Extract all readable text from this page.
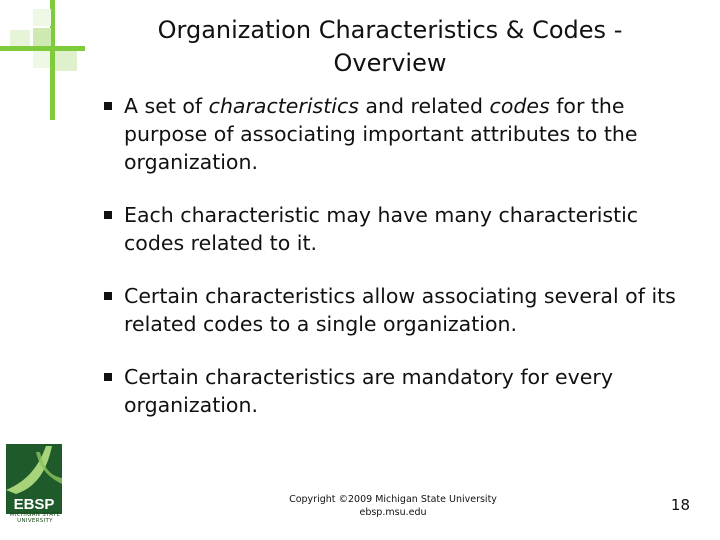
Organization Characteristics & Codes -
Overview
A set of characteristics and related codes for the purpose of associating important attributes to the organization.
Each characteristic may have many characteristic codes related to it.
Certain characteristics allow associating several of its related codes to a single organization.
Certain characteristics are mandatory for every organization.
EBSP
MICHIGAN STATE UNIVERSITY
Copyright ©2009 Michigan State University
ebsp.msu.edu	18
